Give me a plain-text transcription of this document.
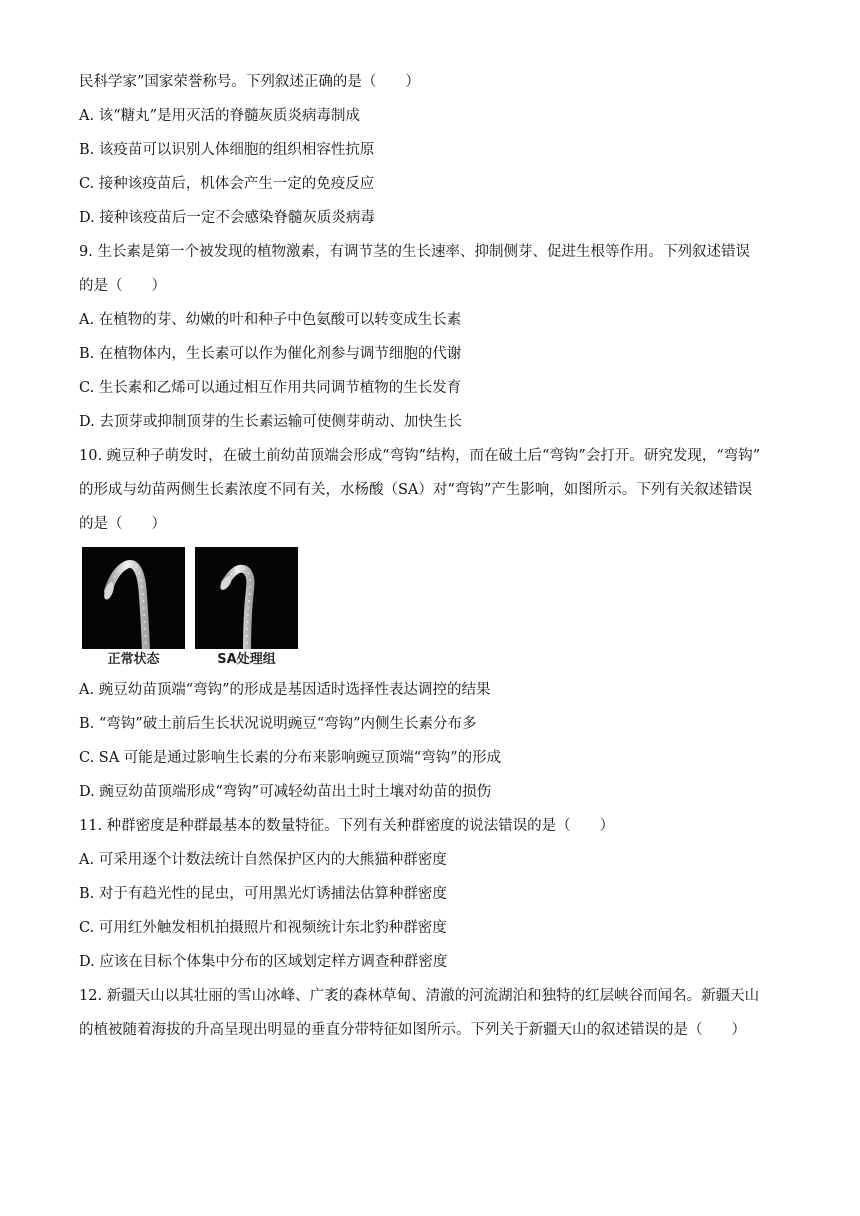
民科学家”国家荣誉称号。下列叙述正确的是（　　）
A. 该“糖丸”是用灭活的脊髓灰质炎病毒制成
B. 该疫苗可以识别人体细胞的组织相容性抗原
C. 接种该疫苗后，机体会产生一定的免疫反应
D. 接种该疫苗后一定不会感染脊髓灰质炎病毒
9. 生长素是第一个被发现的植物激素，有调节茎的生长速率、抑制侧芽、促进生根等作用。下列叙述错误
的是（　　）
A. 在植物的芽、幼嫩的叶和种子中色氨酸可以转变成生长素
B. 在植物体内，生长素可以作为催化剂参与调节细胞的代谢
C. 生长素和乙烯可以通过相互作用共同调节植物的生长发育
D. 去顶芽或抑制顶芽的生长素运输可使侧芽萌动、加快生长
10. 豌豆种子萌发时，在破土前幼苗顶端会形成“弯钩”结构，而在破土后“弯钩”会打开。研究发现，“弯钩”
的形成与幼苗两侧生长素浓度不同有关，水杨酸（SA）对“弯钩”产生影响，如图所示。下列有关叙述错误
的是（　　）
正常状态	SA处理组
A. 豌豆幼苗顶端“弯钩”的形成是基因适时选择性表达调控的结果
B. “弯钩”破土前后生长状况说明豌豆“弯钩”内侧生长素分布多
C. SA 可能是通过影响生长素的分布来影响豌豆顶端“弯钩”的形成
D. 豌豆幼苗顶端形成“弯钩”可减轻幼苗出土时土壤对幼苗的损伤
11. 种群密度是种群最基本的数量特征。下列有关种群密度的说法错误的是（　　）
A. 可采用逐个计数法统计自然保护区内的大熊猫种群密度
B. 对于有趋光性的昆虫，可用黑光灯诱捕法估算种群密度
C. 可用红外触发相机拍摄照片和视频统计东北豹种群密度
D. 应该在目标个体集中分布的区域划定样方调查种群密度
12. 新疆天山以其壮丽的雪山冰峰、广袤的森林草甸、清澈的河流湖泊和独特的红层峡谷而闻名。新疆天山
的植被随着海拔的升高呈现出明显的垂直分带特征如图所示。下列关于新疆天山的叙述错误的是（　　）
